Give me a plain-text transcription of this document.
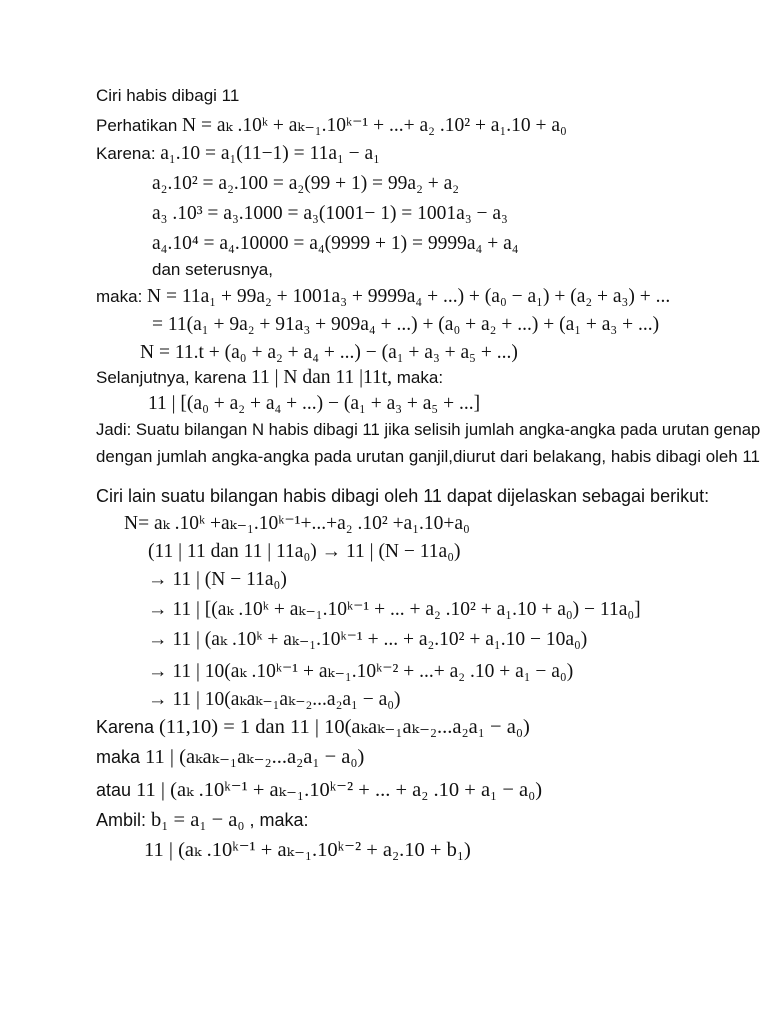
Ciri habis dibagi 11
Perhatikan N = aₖ .10ᵏ + aₖ₋₁.10ᵏ⁻¹ + ...+ a₂ .10² + a₁.10 + a₀
Karena: a₁.10 = a₁(11−1) = 11a₁ − a₁
a₂.10² = a₂.100 = a₂(99 + 1) = 99a₂ + a₂
a₃ .10³ = a₃.1000 = a₃(1001− 1) = 1001a₃ − a₃
a₄.10⁴ = a₄.10000 = a₄(9999 + 1) = 9999a₄ + a₄
dan seterusnya,
maka: N = 11a₁ + 99a₂ + 1001a₃ + 9999a₄ + ...) + (a₀ − a₁) + (a₂ + a₃) + ...
= 11(a₁ + 9a₂ + 91a₃ + 909a₄ + ...) + (a₀ + a₂ + ...) + (a₁ + a₃ + ...)
N = 11.t + (a₀ + a₂ + a₄ + ...) − (a₁ + a₃ + a₅ + ...)
Selanjutnya, karena 11 | N dan 11 |11t, maka:
11 | [(a₀ + a₂ + a₄ + ...) − (a₁ + a₃ + a₅ + ...]
Jadi: Suatu bilangan N habis dibagi 11 jika selisih jumlah angka-angka pada urutan genap
dengan jumlah angka-angka pada urutan ganjil,diurut dari belakang, habis dibagi oleh 11
Ciri lain suatu bilangan habis dibagi oleh 11 dapat dijelaskan sebagai berikut:
N= aₖ .10ᵏ +aₖ₋₁.10ᵏ⁻¹+...+a₂ .10² +a₁.10+a₀
(11 | 11 dan 11 | 11a₀) → 11 | (N − 11a₀)
→ 11 | (N − 11a₀)
→ 11 | [(aₖ .10ᵏ + aₖ₋₁.10ᵏ⁻¹ + ... + a₂ .10² + a₁.10 + a₀) − 11a₀]
→ 11 | (aₖ .10ᵏ + aₖ₋₁.10ᵏ⁻¹ + ... + a₂.10² + a₁.10 − 10a₀)
→ 11 | 10(aₖ .10ᵏ⁻¹ + aₖ₋₁.10ᵏ⁻² + ...+ a₂ .10 + a₁ − a₀)
→ 11 | 10(aₖaₖ₋₁aₖ₋₂...a₂a₁ − a₀)
Karena (11,10) = 1 dan 11 | 10(aₖaₖ₋₁aₖ₋₂...a₂a₁ − a₀)
maka 11 | (aₖaₖ₋₁aₖ₋₂...a₂a₁ − a₀)
atau 11 | (aₖ .10ᵏ⁻¹ + aₖ₋₁.10ᵏ⁻² + ... + a₂ .10 + a₁ − a₀)
Ambil: b₁ = a₁ − a₀ , maka:
11 | (aₖ .10ᵏ⁻¹ + aₖ₋₁.10ᵏ⁻² + a₂.10 + b₁)
